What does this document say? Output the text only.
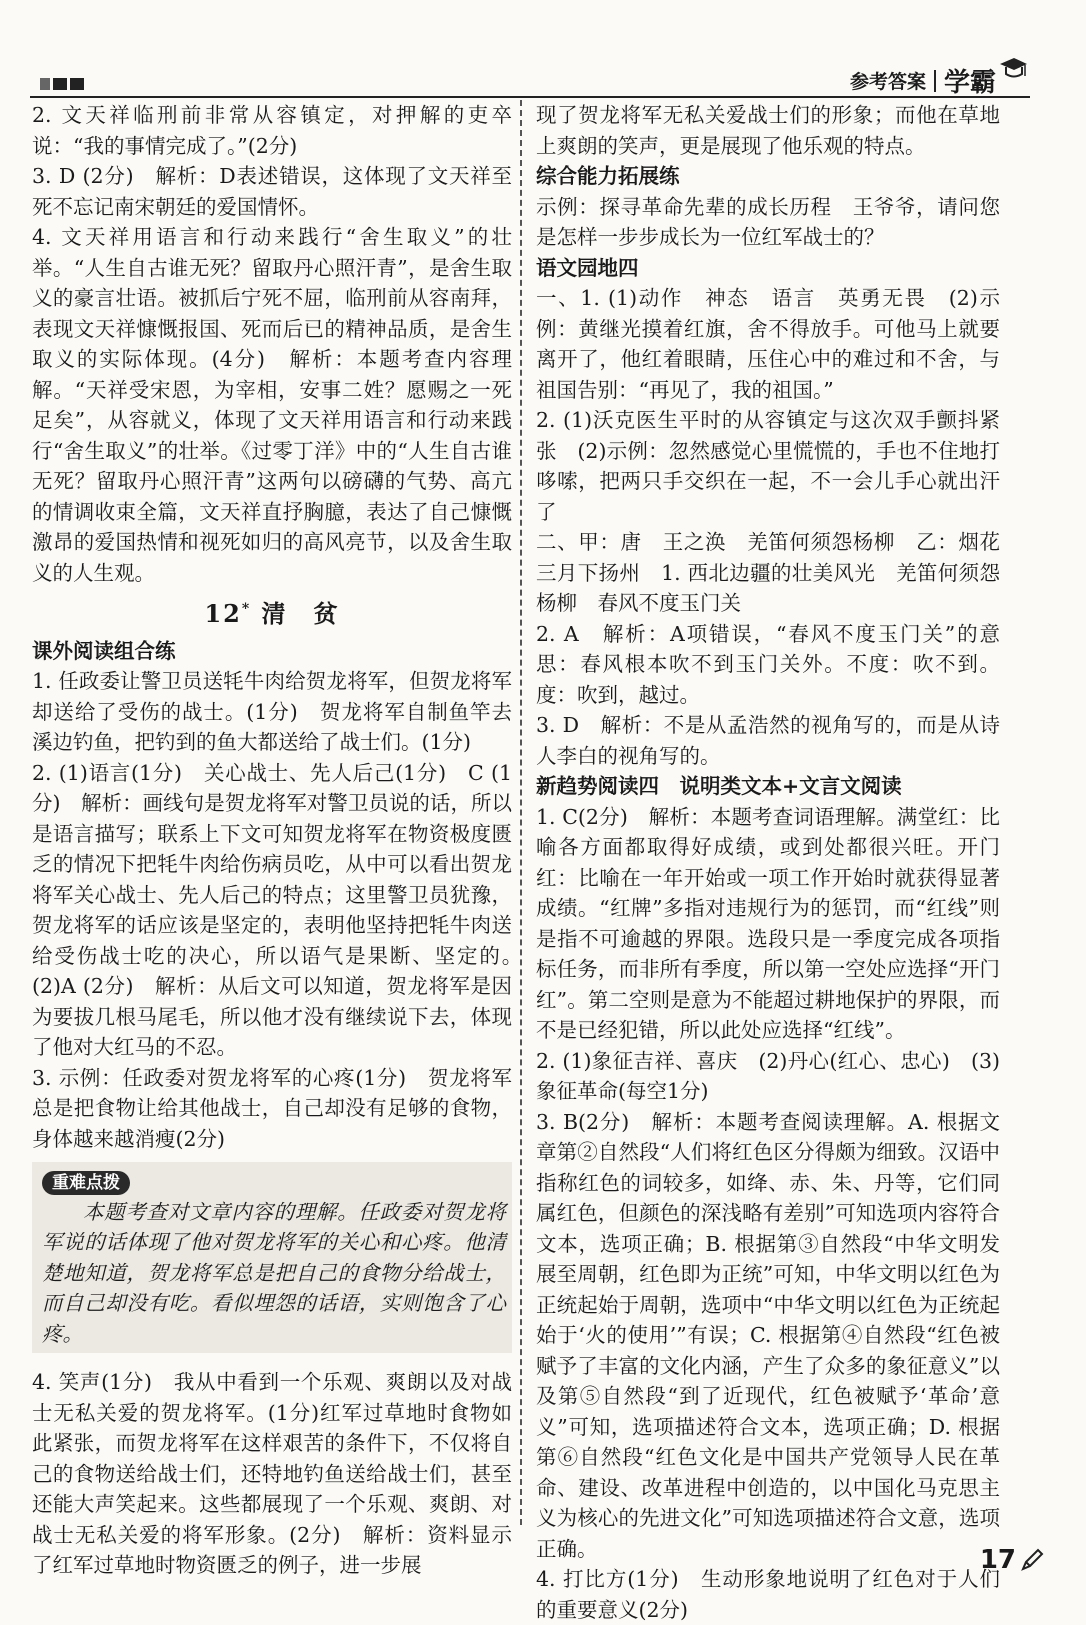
参考答案 学霸

2. 文天祥临刑前非常从容镇定，对押解的吏卒说：“我的事情完成了。”(2分)

3. D (2分)　解析：D表述错误，这体现了文天祥至死不忘记南宋朝廷的爱国情怀。

4. 文天祥用语言和行动来践行“舍生取义”的壮举。“人生自古谁无死？留取丹心照汗青”，是舍生取义的豪言壮语。被抓后宁死不屈，临刑前从容南拜，表现文天祥慷慨报国、死而后已的精神品质，是舍生取义的实际体现。(4分)　解析：本题考查内容理解。“天祥受宋恩，为宰相，安事二姓？愿赐之一死足矣”，从容就义，体现了文天祥用语言和行动来践行“舍生取义”的壮举。《过零丁洋》中的“人生自古谁无死？留取丹心照汗青”这两句以磅礴的气势、高亢的情调收束全篇，文天祥直抒胸臆，表达了自己慷慨激昂的爱国热情和视死如归的高风亮节，以及舍生取义的人生观。

12* 清　贫

课外阅读组合练

1. 任政委让警卫员送牦牛肉给贺龙将军，但贺龙将军却送给了受伤的战士。(1分)　贺龙将军自制鱼竿去溪边钓鱼，把钓到的鱼大都送给了战士们。(1分)

2. (1)语言(1分)　关心战士、先人后己(1分)　C (1分)　解析：画线句是贺龙将军对警卫员说的话，所以是语言描写；联系上下文可知贺龙将军在物资极度匮乏的情况下把牦牛肉给伤病员吃，从中可以看出贺龙将军关心战士、先人后己的特点；这里警卫员犹豫，贺龙将军的话应该是坚定的，表明他坚持把牦牛肉送给受伤战士吃的决心，所以语气是果断、坚定的。　(2)A (2分)　解析：从后文可以知道，贺龙将军是因为要拔几根马尾毛，所以他才没有继续说下去，体现了他对大红马的不忍。

3. 示例：任政委对贺龙将军的心疼(1分)　贺龙将军总是把食物让给其他战士，自己却没有足够的食物，身体越来越消瘦(2分)

重难点拨

本题考查对文章内容的理解。任政委对贺龙将军说的话体现了他对贺龙将军的关心和心疼。他清楚地知道，贺龙将军总是把自己的食物分给战士，而自己却没有吃。看似埋怨的话语，实则饱含了心疼。

4. 笑声(1分)　我从中看到一个乐观、爽朗以及对战士无私关爱的贺龙将军。(1分)红军过草地时食物如此紧张，而贺龙将军在这样艰苦的条件下，不仅将自己的食物送给战士们，还特地钓鱼送给战士们，甚至还能大声笑起来。这些都展现了一个乐观、爽朗、对战士无私关爱的将军形象。(2分)　解析：资料显示了红军过草地时物资匮乏的例子，进一步展

现了贺龙将军无私关爱战士们的形象；而他在草地上爽朗的笑声，更是展现了他乐观的特点。

综合能力拓展练

示例：探寻革命先辈的成长历程　王爷爷，请问您是怎样一步步成长为一位红军战士的？

语文园地四

一、1. (1)动作　神态　语言　英勇无畏　(2)示例：黄继光摸着红旗，舍不得放手。可他马上就要离开了，他红着眼睛，压住心中的难过和不舍，与祖国告别：“再见了，我的祖国。”

2. (1)沃克医生平时的从容镇定与这次双手颤抖紧张　(2)示例：忽然感觉心里慌慌的，手也不住地打哆嗦，把两只手交织在一起，不一会儿手心就出汗了

二、甲：唐　王之涣　羌笛何须怨杨柳　乙：烟花三月下扬州　1. 西北边疆的壮美风光　羌笛何须怨杨柳　春风不度玉门关

2. A　解析：A项错误，“春风不度玉门关”的意思：春风根本吹不到玉门关外。不度：吹不到。度：吹到，越过。

3. D　解析：不是从孟浩然的视角写的，而是从诗人李白的视角写的。

新趋势阅读四　说明类文本+文言文阅读

1. C(2分)　解析：本题考查词语理解。满堂红：比喻各方面都取得好成绩，或到处都很兴旺。开门红：比喻在一年开始或一项工作开始时就获得显著成绩。“红牌”多指对违规行为的惩罚，而“红线”则是指不可逾越的界限。选段只是一季度完成各项指标任务，而非所有季度，所以第一空处应选择“开门红”。第二空则是意为不能超过耕地保护的界限，而不是已经犯错，所以此处应选择“红线”。

2. (1)象征吉祥、喜庆　(2)丹心(红心、忠心)　(3)象征革命(每空1分)

3. B(2分)　解析：本题考查阅读理解。A. 根据文章第②自然段“人们将红色区分得颇为细致。汉语中指称红色的词较多，如绛、赤、朱、丹等，它们同属红色，但颜色的深浅略有差别”可知选项内容符合文本，选项正确；B. 根据第③自然段“中华文明发展至周朝，红色即为正统”可知，中华文明以红色为正统起始于周朝，选项中“中华文明以红色为正统起始于‘火的使用’”有误；C. 根据第④自然段“红色被赋予了丰富的文化内涵，产生了众多的象征意义”以及第⑤自然段“到了近现代，红色被赋予‘革命’意义”可知，选项描述符合文本，选项正确；D. 根据第⑥自然段“红色文化是中国共产党领导人民在革命、建设、改革进程中创造的，以中国化马克思主义为核心的先进文化”可知选项描述符合文意，选项正确。

4. 打比方(1分)　生动形象地说明了红色对于人们的重要意义(2分)

17
